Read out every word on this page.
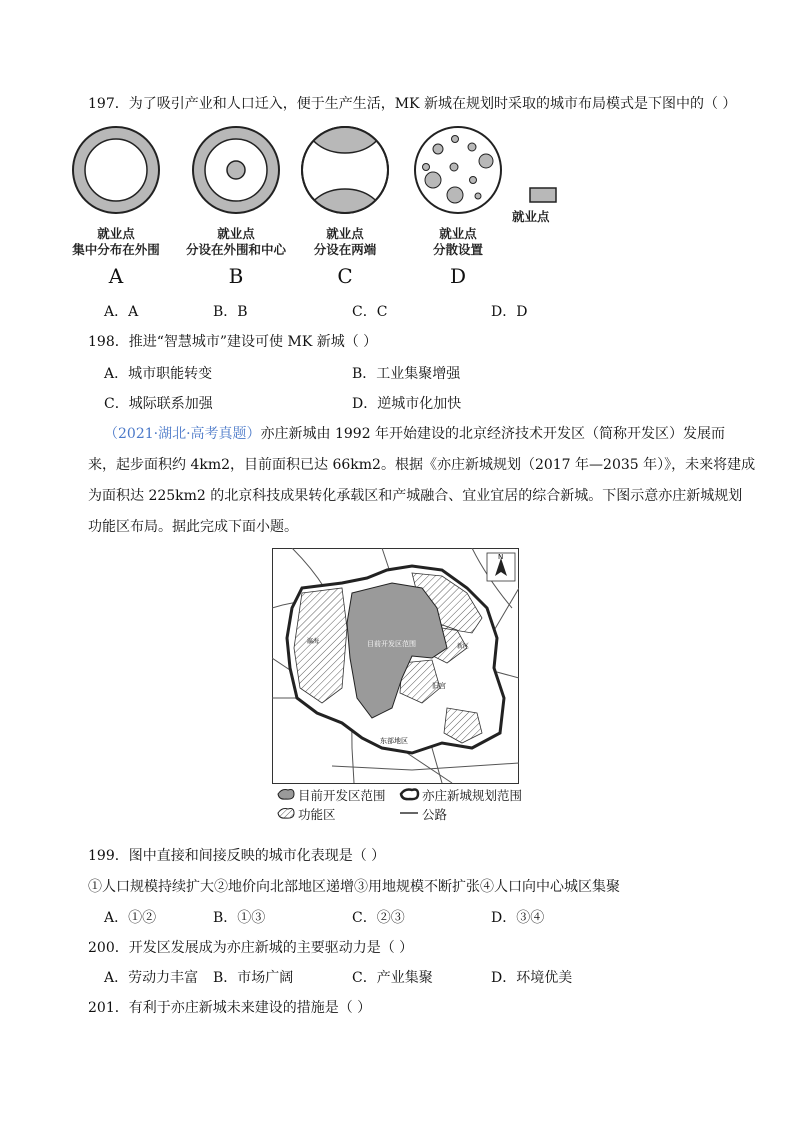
197．为了吸引产业和人口迁入，便于生产生活，MK 新城在规划时采取的城市布局模式是下图中的（ ）
就业点
就业点
集中分布在外围
A
就业点
分设在外围和中心
B
就业点
分设在两端
C
就业点
分散设置
D
A．A	B．B	C．C	D．D
198．推进“智慧城市”建设可使 MK 新城（ ）
A．城市职能转变	B．工业集聚增强
C．城际联系加强	D．逆城市化加快
（2021·湖北·高考真题）亦庄新城由 1992 年开始建设的北京经济技术开发区（简称开发区）发展而
来，起步面积约 4km2，目前面积已达 66km2。根据《亦庄新城规划（2017 年—2035 年）》，未来将建成
为面积达 225km2 的北京科技成果转化承载区和产城融合、宜业宜居的综合新城。下图示意亦庄新城规划
功能区布局。据此完成下面小题。
N
目前开发区范围
东部地区
旧宫
新区
瀛海
目前开发区范围	亦庄新城规划范围
功能区	公路
199．图中直接和间接反映的城市化表现是（ ）
①人口规模持续扩大②地价向北部地区递增③用地规模不断扩张④人口向中心城区集聚
A．①②	B．①③	C．②③	D．③④
200．开发区发展成为亦庄新城的主要驱动力是（ ）
A．劳动力丰富 B．市场广阔	C．产业集聚	D．环境优美
201．有利于亦庄新城未来建设的措施是（ ）
